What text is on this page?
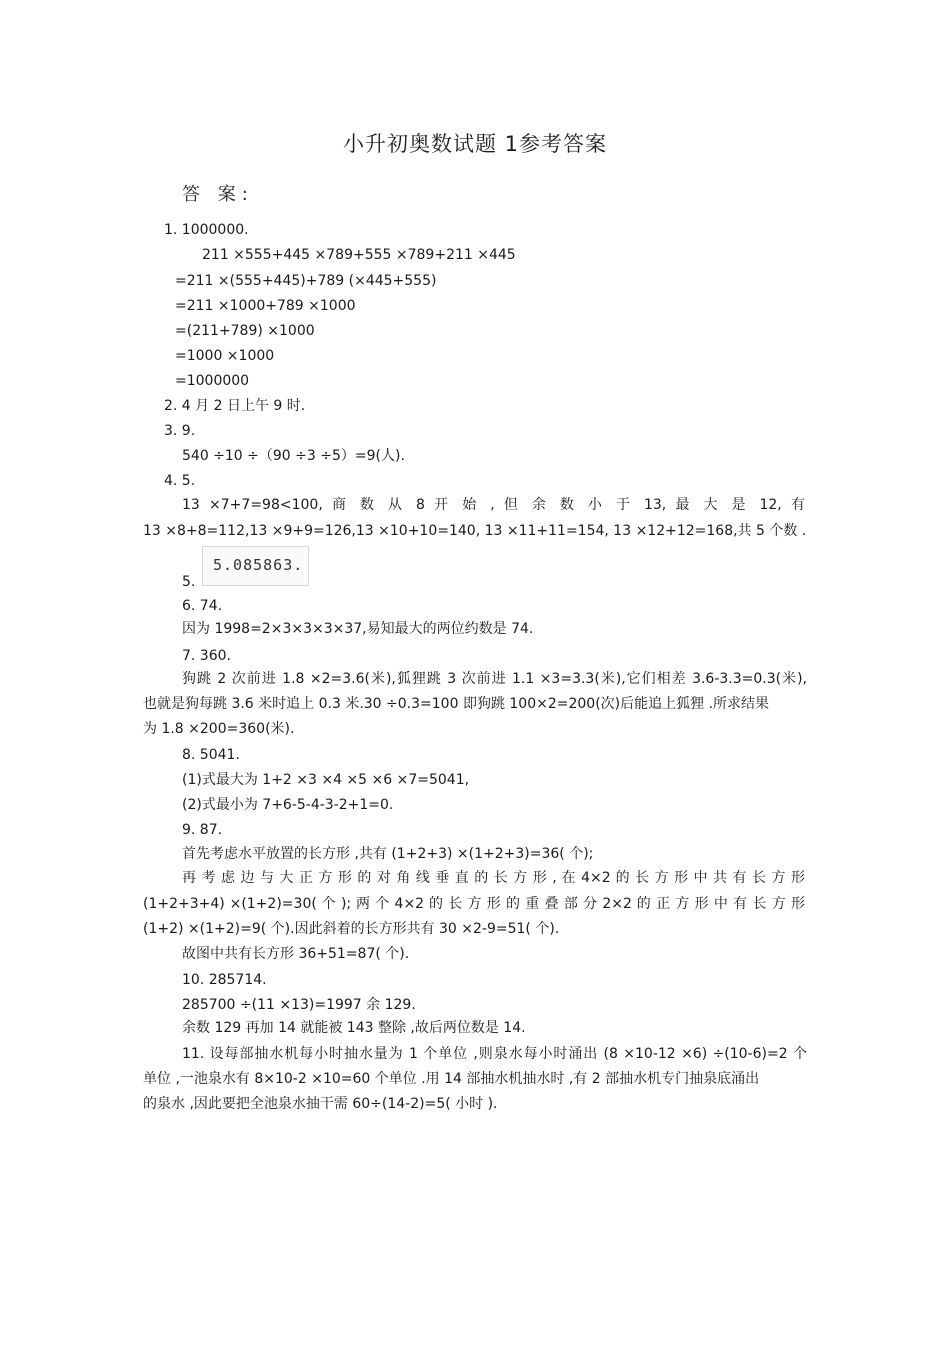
小升初奥数试题 1参考答案
答 案:
1. 1000000.
211 ×555+445 ×789+555 ×789+211 ×445
=211 ×(555+445)+789 (×445+555)
=211 ×1000+789 ×1000
=(211+789) ×1000
=1000 ×1000
=1000000
2. 4 月 2 日上午 9 时.
3. 9.
540 ÷10 ÷（90 ÷3 ÷5）=9(人).
4. 5.
13 ×7+7=98<100, 商 数 从 8 开 始 , 但 余 数 小 于 13, 最 大 是 12, 有
13 ×8+8=112,13 ×9+9=126,13 ×10+10=140, 13 ×11+11=154, 13 ×12+12=168,共 5 个数 .
5.085863.
5.
6. 74.
因为 1998=2×3×3×3×37,易知最大的两位约数是 74.
7. 360.
狗跳 2 次前进 1.8 ×2=3.6(米),狐狸跳 3 次前进 1.1 ×3=3.3(米),它们相差 3.6-3.3=0.3(米),
也就是狗每跳 3.6 米时追上 0.3 米.30 ÷0.3=100 即狗跳 100×2=200(次)后能追上狐狸 .所求结果
为 1.8 ×200=360(米).
8. 5041.
(1)式最大为 1+2 ×3 ×4 ×5 ×6 ×7=5041,
(2)式最小为 7+6-5-4-3-2+1=0.
9. 87.
首先考虑水平放置的长方形 ,共有 (1+2+3) ×(1+2+3)=36( 个);
再 考 虑 边 与 大 正 方 形 的 对 角 线 垂 直 的 长 方 形 , 在 4×2 的 长 方 形 中 共 有 长 方 形
(1+2+3+4) ×(1+2)=30( 个 ); 两 个 4×2 的 长 方 形 的 重 叠 部 分 2×2 的 正 方 形 中 有 长 方 形
(1+2) ×(1+2)=9( 个).因此斜着的长方形共有 30 ×2-9=51( 个).
故图中共有长方形 36+51=87( 个).
10. 285714.
285700 ÷(11 ×13)=1997 余 129.
余数 129 再加 14 就能被 143 整除 ,故后两位数是 14.
11. 设每部抽水机每小时抽水量为 1 个单位 ,则泉水每小时涌出 (8 ×10-12 ×6) ÷(10-6)=2 个
单位 ,一池泉水有 8×10-2 ×10=60 个单位 .用 14 部抽水机抽水时 ,有 2 部抽水机专门抽泉底涌出
的泉水 ,因此要把全池泉水抽干需 60÷(14-2)=5( 小时 ).
